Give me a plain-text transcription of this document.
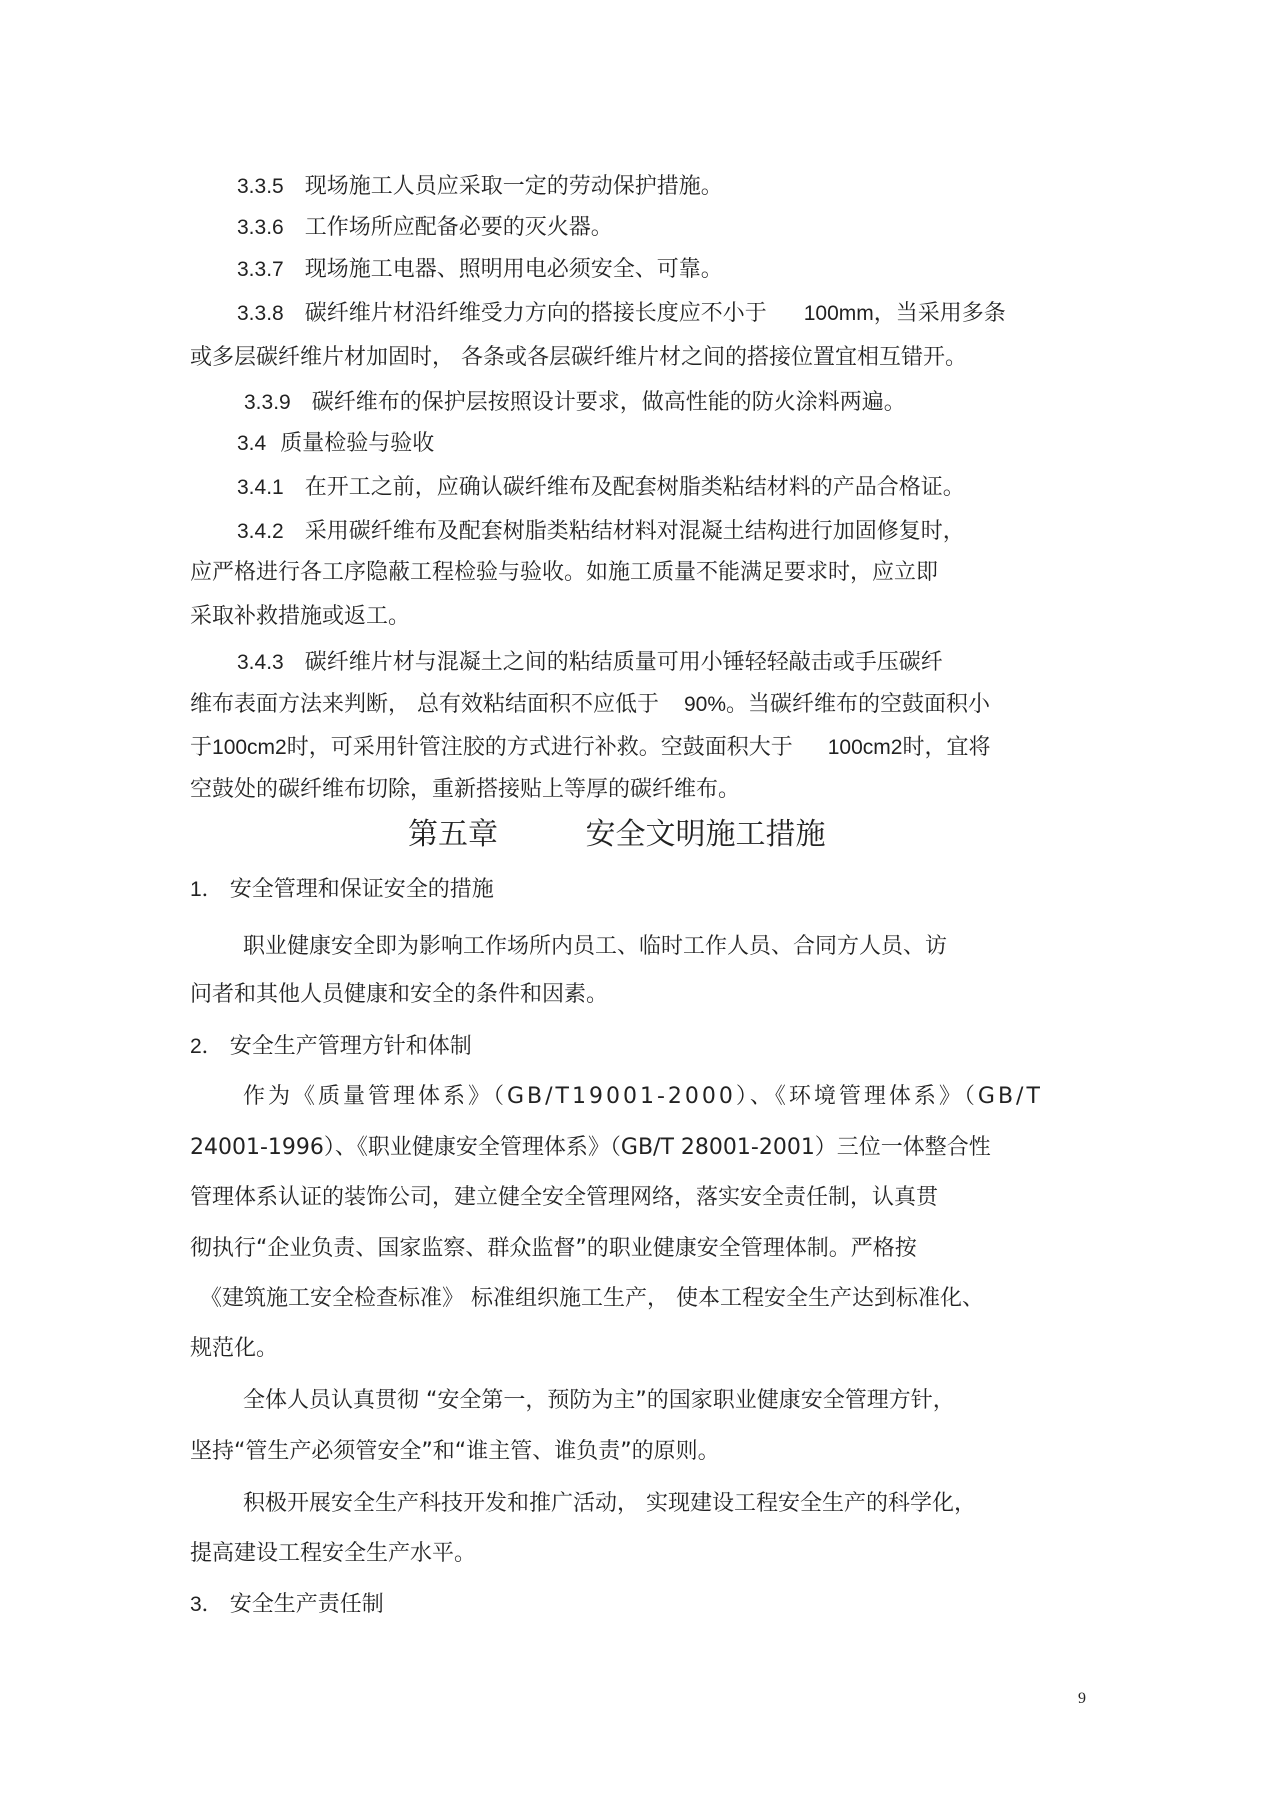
3.3.5 现场施工人员应采取一定的劳动保护措施。
3.3.6 工作场所应配备必要的灭火器。
3.3.7 现场施工电器、照明用电必须安全、可靠。
3.3.8 碳纤维片材沿纤维受力方向的搭接长度应不小于 100mm，当采用多条
或多层碳纤维片材加固时， 各条或各层碳纤维片材之间的搭接位置宜相互错开。
3.3.9 碳纤维布的保护层按照设计要求，做高性能的防火涂料两遍。
3.4 质量检验与验收
3.4.1 在开工之前，应确认碳纤维布及配套树脂类粘结材料的产品合格证。
3.4.2 采用碳纤维布及配套树脂类粘结材料对混凝土结构进行加固修复时，
应严格进行各工序隐蔽工程检验与验收。如施工质量不能满足要求时，应立即
采取补救措施或返工。
3.4.3 碳纤维片材与混凝土之间的粘结质量可用小锤轻轻敲击或手压碳纤
维布表面方法来判断， 总有效粘结面积不应低于 90%。当碳纤维布的空鼓面积小
于100cm2时，可采用针管注胶的方式进行补救。空鼓面积大于 100cm2时，宜将
空鼓处的碳纤维布切除，重新搭接贴上等厚的碳纤维布。
第五章	安全文明施工措施
1． 安全管理和保证安全的措施
职业健康安全即为影响工作场所内员工、临时工作人员、合同方人员、访
问者和其他人员健康和安全的条件和因素。
2． 安全生产管理方针和体制
作为《质量管理体系》（GB/T19001-2000）、《环境管理体系》（GB/T
24001-1996）、《职业健康安全管理体系》（GB/T 28001-2001）三位一体整合性
管理体系认证的装饰公司，建立健全安全管理网络，落实安全责任制，认真贯
彻执行“企业负责、国家监察、群众监督”的职业健康安全管理体制。严格按
《建筑施工安全检查标准》 标准组织施工生产， 使本工程安全生产达到标准化、
规范化。
全体人员认真贯彻 “安全第一，预防为主”的国家职业健康安全管理方针，
坚持“管生产必须管安全”和“谁主管、谁负责”的原则。
积极开展安全生产科技开发和推广活动， 实现建设工程安全生产的科学化，
提高建设工程安全生产水平。
3． 安全生产责任制
9
